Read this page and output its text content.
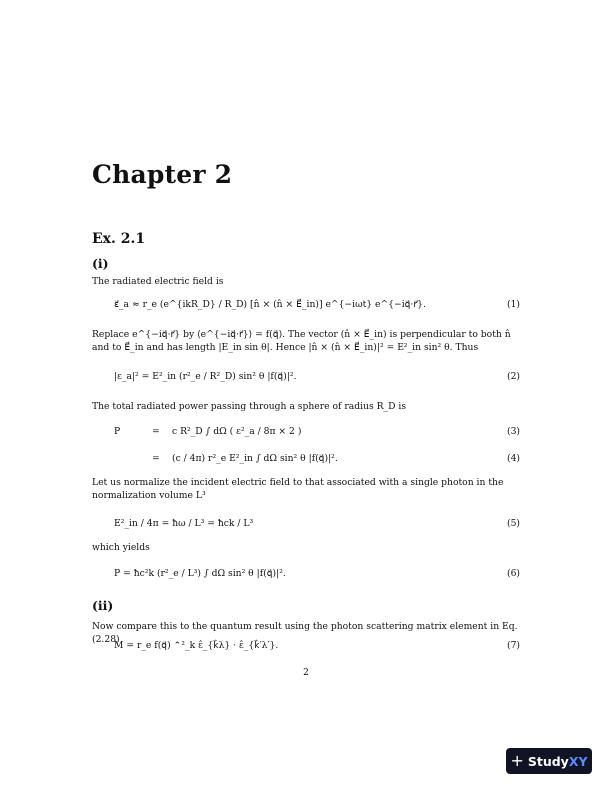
Chapter 2
Ex. 2.1
(i)
The radiated electric field is
ε⃗_a ≈ r_e (e^{ikR_D} / R_D) [n̂ × (n̂ × E⃗_in)] e^{−iωt} e^{−iq⃗·r⃗}.	(1)
Replace e^{−iq⃗·r⃗} by ⟨e^{−iq⃗·r⃗}⟩ = f(q⃗). The vector (n̂ × E⃗_in) is perpendicular to both n̂ and to E⃗_in and has length |E_in sin θ|. Hence |n̂ × (n̂ × E⃗_in)|² = E²_in sin² θ. Thus
|ε_a|² = E²_in (r²_e / R²_D) sin² θ |f(q⃗)|².	(2)
The total radiated power passing through a sphere of radius R_D is
P	= c R²_D ∫ dΩ ( ε²_a / 8π × 2 )	(3)
= (c / 4π) r²_e E²_in ∫ dΩ sin² θ |f(q⃗)|².	(4)
Let us normalize the incident electric field to that associated with a single photon in the normalization volume L³
E²_in / 4π = ħω / L³ = ħck / L³	(5)
which yields
P = ħc²k (r²_e / L³) ∫ dΩ sin² θ |f(q⃗)|².	(6)
(ii)
Now compare this to the quantum result using the photon scattering matrix element in Eq. (2.28)
M = r_e f(q⃗) ⌃²_k ε̂_{k⃗λ} · ε̂_{k⃗′λ′}.	(7)
2
+ Study XY
